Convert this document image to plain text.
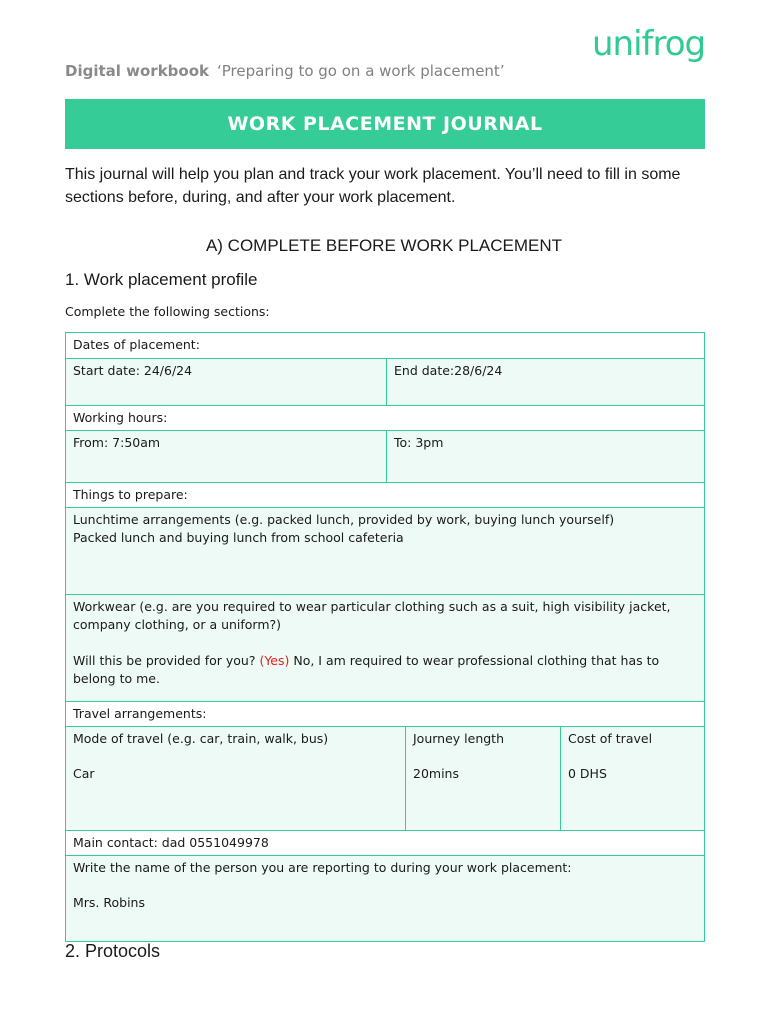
unifrog
Digital workbook ‘Preparing to go on a work placement’
WORK PLACEMENT JOURNAL
This journal will help you plan and track your work placement. You’ll need to fill in some sections before, during, and after your work placement.
A) COMPLETE BEFORE WORK PLACEMENT
1. Work placement profile
Complete the following sections:
Dates of placement:
Start date: 24/6/24	End date:28/6/24
Working hours:
From: 7:50am	To: 3pm
Things to prepare:
Lunchtime arrangements (e.g. packed lunch, provided by work, buying lunch yourself)
Packed lunch and buying lunch from school cafeteria
Workwear (e.g. are you required to wear particular clothing such as a suit, high visibility jacket, company clothing, or a uniform?)
Will this be provided for you? (Yes) No, I am required to wear professional clothing that has to belong to me.
Travel arrangements:
Mode of travel (e.g. car, train, walk, bus)
Car
Journey length
20mins
Cost of travel
0 DHS
Main contact: dad 0551049978
Write the name of the person you are reporting to during your work placement:
Mrs. Robins
2. Protocols
